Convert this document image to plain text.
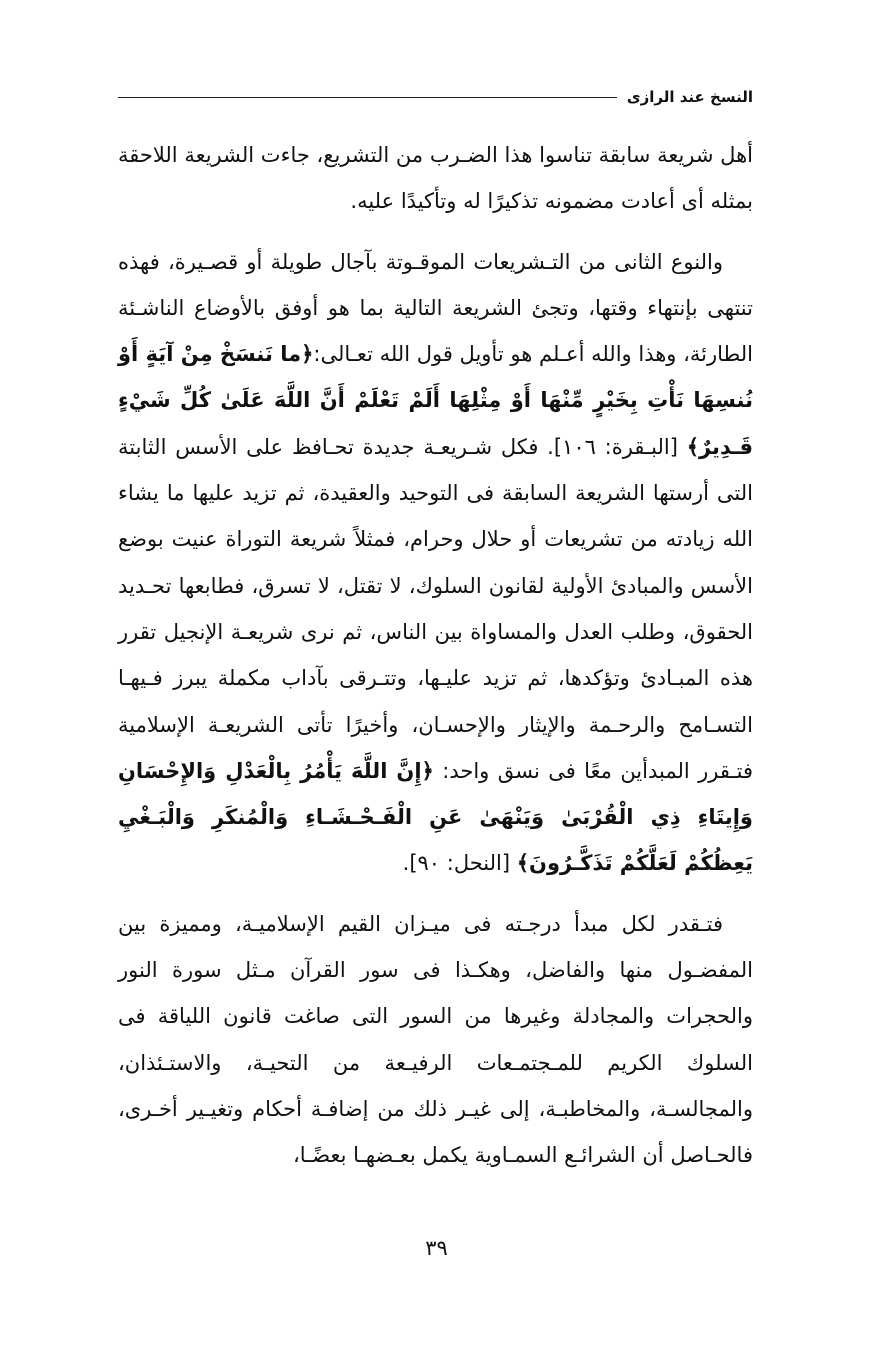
النسخ عند الرازى

أهل شريعة سابقة تناسوا هذا الضـرب من التشريع، جاءت الشريعة اللاحقة بمثله أى أعادت مضمونه تذكيرًا له وتأكيدًا عليه.

والنوع الثانى من التـشريعات الموقـوتة بآجال طويلة أو قصـيرة، فهذه تنتهى بإنتهاء وقتها، وتجئ الشريعة التالية بما هو أوفق بالأوضاع الناشـئة الطارئة، وهذا والله أعـلم هو تأويل قول الله تعـالى:﴿ما نَنسَخْ مِنْ آيَةٍ أَوْ نُنسِهَا نَأْتِ بِخَيْرٍ مِّنْهَا أَوْ مِثْلِهَا أَلَمْ تَعْلَمْ أَنَّ اللَّهَ عَلَىٰ كُلِّ شَيْءٍ قَـدِيرٌ﴾ [البـقرة: ١٠٦]. فكل شـريعـة جديدة تحـافظ على الأسس الثابتة التى أرستها الشريعة السابقة فى التوحيد والعقيدة، ثم تزيد عليها ما يشاء الله زيادته من تشريعات أو حلال وحرام، فمثلاً شريعة التوراة عنيت بوضع الأسس والمبادئ الأولية لقانون السلوك، لا تقتل، لا تسرق، فطابعها تحـديد الحقوق، وطلب العدل والمساواة بين الناس، ثم نرى شريعـة الإنجيل تقرر هذه المبـادئ وتؤكدها، ثم تزيد عليـها، وتتـرقى بآداب مكملة يبرز فـيهـا التسـامح والرحـمة والإيثار والإحسـان، وأخيرًا تأتى الشريعـة الإسلامية فتـقرر المبدأين معًا فى نسق واحد: ﴿إِنَّ اللَّهَ يَأْمُرُ بِالْعَدْلِ وَالإِحْسَانِ وَإِيتَاءِ ذِي الْقُرْبَىٰ وَيَنْهَىٰ عَنِ الْفَـحْـشَـاءِ وَالْمُنكَرِ وَالْبَـغْيِ يَعِظُكُمْ لَعَلَّكُمْ تَذَكَّـرُونَ﴾ [النحل: ٩٠].

فتـقدر لكل مبدأ درجـته فى ميـزان القيم الإسلاميـة، ومميزة بين المفضـول منها والفاضل، وهكـذا فى سور القرآن مـثل سورة النور والحجرات والمجادلة وغيرها من السور التى صاغت قانون اللياقة فى السلوك الكريم للمـجتمـعات الرفيـعة من التحيـة، والاستـئذان، والمجالسـة، والمخاطبـة، إلى غيـر ذلك من إضافـة أحكام وتغيـير أخـرى، فالحـاصل أن الشرائـع السمـاوية يكمل بعـضهـا بعضًـا،

٣٩
